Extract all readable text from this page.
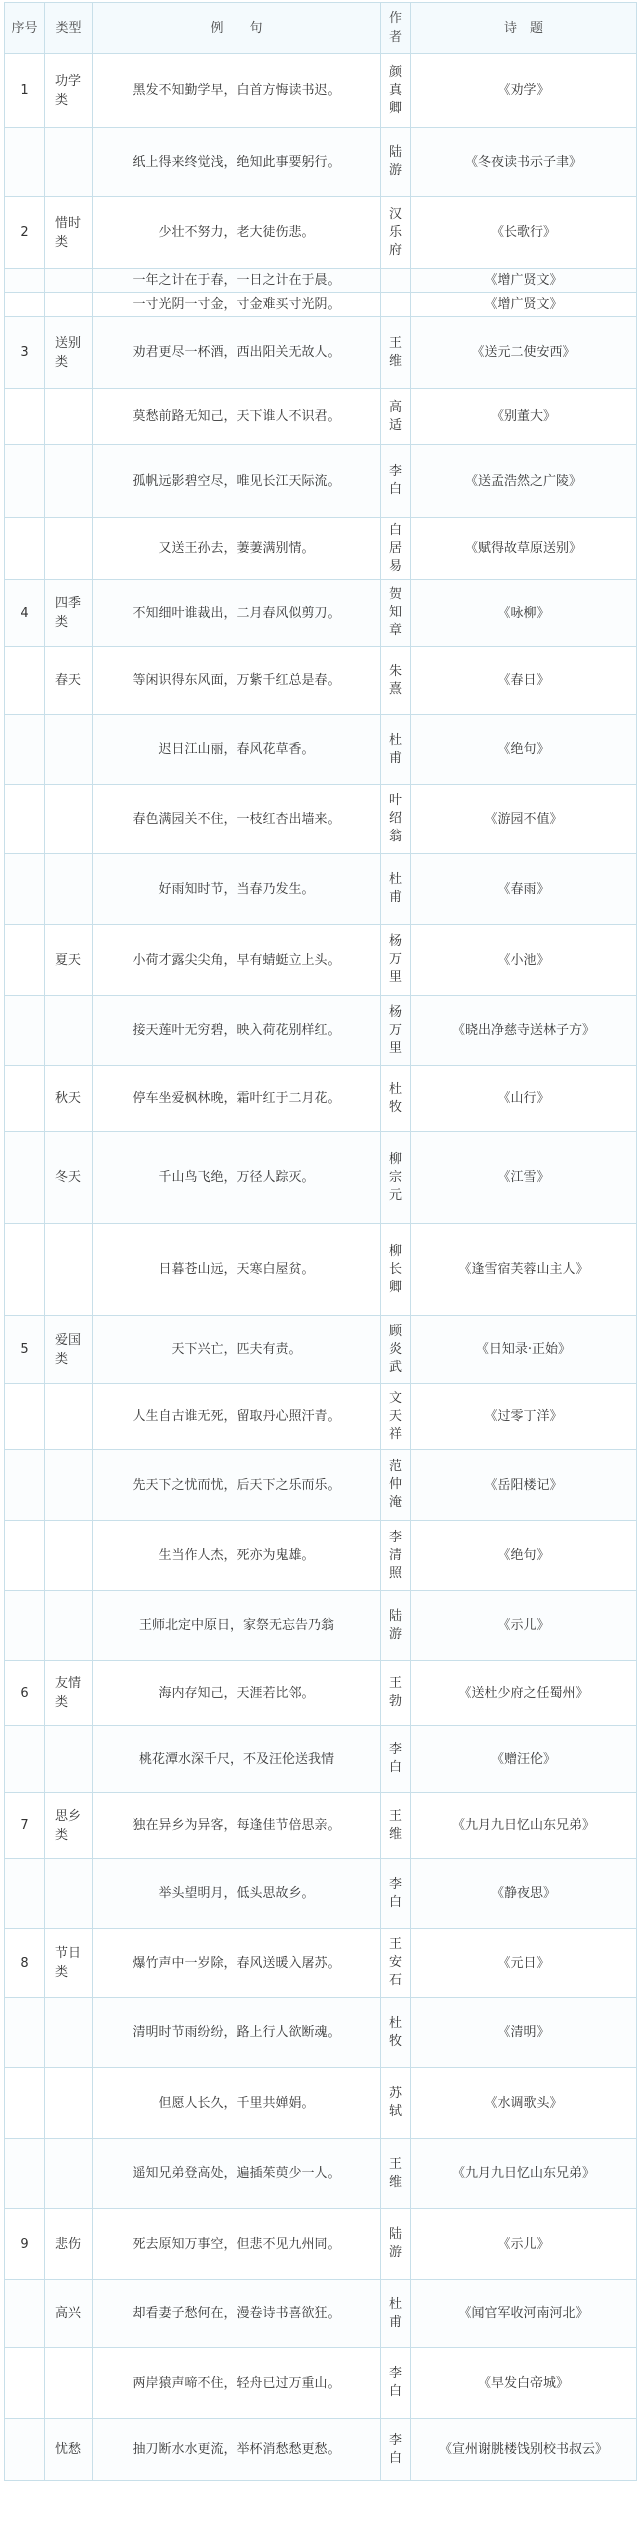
序号	类型	例　　句	作者	诗　题
1	功学类	黑发不知勤学早，白首方悔读书迟。	颜真卿	《劝学》
		纸上得来终觉浅，绝知此事要躬行。	陆游	《冬夜读书示子聿》
2	惜时类	少壮不努力，老大徒伤悲。	汉乐府	《长歌行》
		一年之计在于春，一日之计在于晨。		《增广贤文》
		一寸光阴一寸金，寸金难买寸光阴。		《增广贤文》
3	送别类	劝君更尽一杯酒，西出阳关无故人。	王维	《送元二使安西》
		莫愁前路无知己，天下谁人不识君。	高适	《别董大》
		孤帆远影碧空尽，唯见长江天际流。	李白	《送孟浩然之广陵》
		又送王孙去，萋萋满别情。	白居易	《赋得故草原送别》
4	四季类	不知细叶谁裁出，二月春风似剪刀。	贺知章	《咏柳》
	春天	等闲识得东风面，万紫千红总是春。	朱熹	《春日》
		迟日江山丽，春风花草香。	杜甫	《绝句》
		春色满园关不住，一枝红杏出墙来。	叶绍翁	《游园不值》
		好雨知时节，当春乃发生。	杜甫	《春雨》
	夏天	小荷才露尖尖角，早有蜻蜓立上头。	杨万里	《小池》
		接天莲叶无穷碧，映入荷花别样红。	杨万里	《晓出净慈寺送林子方》
	秋天	停车坐爱枫林晚，霜叶红于二月花。	杜牧	《山行》
	冬天	千山鸟飞绝，万径人踪灭。	柳宗元	《江雪》
		日暮苍山远，天寒白屋贫。	柳长卿	《逢雪宿芙蓉山主人》
5	爱国类	天下兴亡，匹夫有责。	顾炎武	《日知录·正始》
		人生自古谁无死，留取丹心照汗青。	文天祥	《过零丁洋》
		先天下之忧而忧，后天下之乐而乐。	范仲淹	《岳阳楼记》
		生当作人杰，死亦为鬼雄。	李清照	《绝句》
		王师北定中原日，家祭无忘告乃翁	陆游	《示儿》
6	友情类	海内存知己，天涯若比邻。	王勃	《送杜少府之任蜀州》
		桃花潭水深千尺，不及汪伦送我情	李白	《赠汪伦》
7	思乡类	独在异乡为异客，每逢佳节倍思亲。	王维	《九月九日忆山东兄弟》
		举头望明月，低头思故乡。	李白	《静夜思》
8	节日类	爆竹声中一岁除，春风送暖入屠苏。	王安石	《元日》
		清明时节雨纷纷，路上行人欲断魂。	杜牧	《清明》
		但愿人长久，千里共婵娟。	苏轼	《水调歌头》
		遥知兄弟登高处，遍插茱萸少一人。	王维	《九月九日忆山东兄弟》
9	悲伤	死去原知万事空，但悲不见九州同。	陆游	《示儿》
	高兴	却看妻子愁何在，漫卷诗书喜欲狂。	杜甫	《闻官军收河南河北》
		两岸猿声啼不住，轻舟已过万重山。	李白	《早发白帝城》
	忧愁	抽刀断水水更流，举杯消愁愁更愁。	李白	《宣州谢朓楼饯别校书叔云》
